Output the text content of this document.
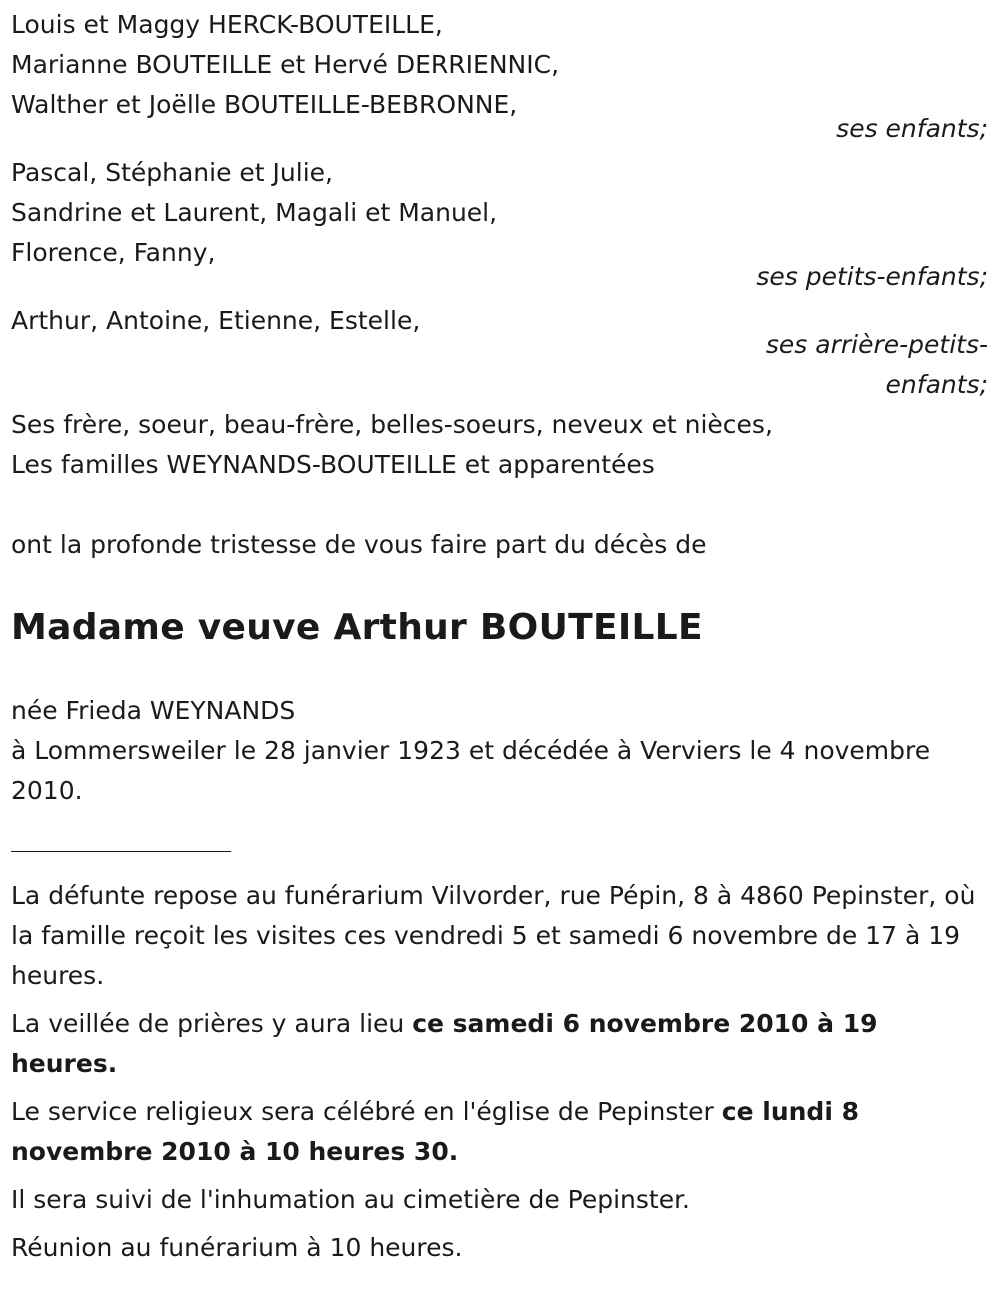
Louis et Maggy HERCK-BOUTEILLE,
Marianne BOUTEILLE et Hervé DERRIENNIC,
Walther et Joëlle BOUTEILLE-BEBRONNE,
ses enfants;
Pascal, Stéphanie et Julie,
Sandrine et Laurent, Magali et Manuel,
Florence, Fanny,
ses petits-enfants;
Arthur, Antoine, Etienne, Estelle,
ses arrière-petits-
enfants;
Ses frère, soeur, beau-frère, belles-soeurs, neveux et nièces,
Les familles WEYNANDS-BOUTEILLE et apparentées
ont la profonde tristesse de vous faire part du décès de
Madame veuve Arthur BOUTEILLE
née Frieda WEYNANDS
à Lommersweiler le 28 janvier 1923 et décédée à Verviers le 4 novembre 2010.

La défunte repose au funérarium Vilvorder, rue Pépin, 8 à 4860 Pepinster, où la famille reçoit les visites ces vendredi 5 et samedi 6 novembre de 17 à 19 heures.

La veillée de prières y aura lieu ce samedi 6 novembre 2010 à 19 heures.

Le service religieux sera célébré en l'église de Pepinster ce lundi 8 novembre 2010 à 10 heures 30.

Il sera suivi de l'inhumation au cimetière de Pepinster.

Réunion au funérarium à 10 heures.
